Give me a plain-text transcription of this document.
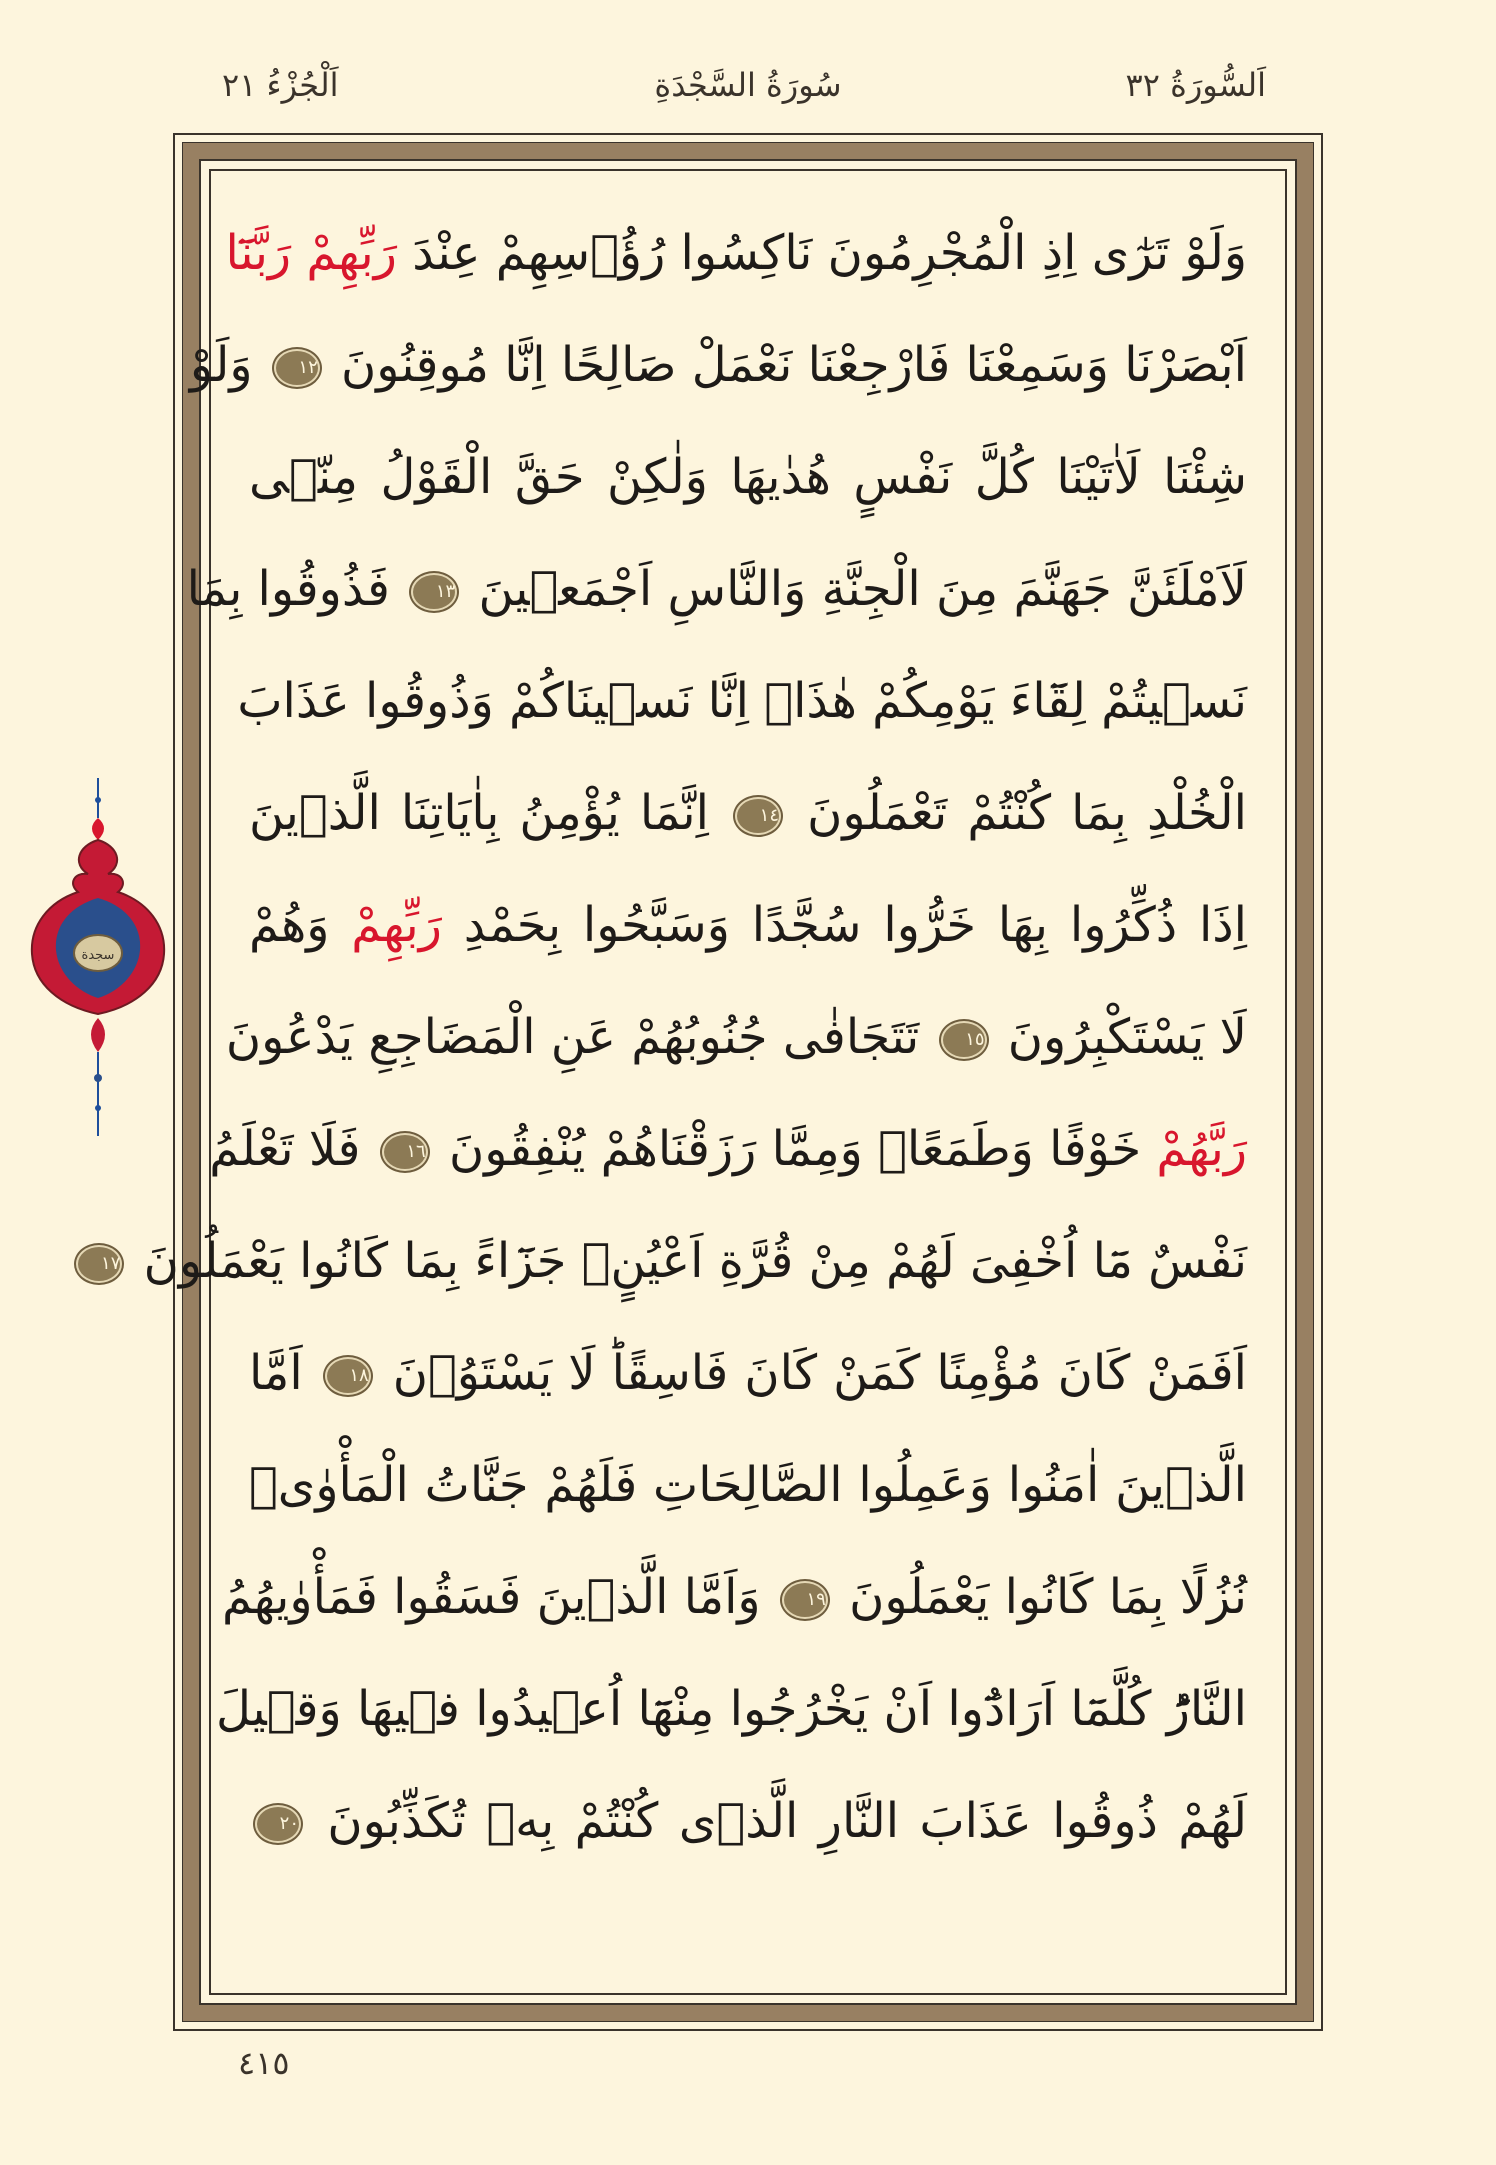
اَلْجُزْءُ ٢١	سُورَةُ السَّجْدَةِ	اَلسُّورَةُ ٣٢
سجدة
وَلَوْ تَرٰٓى اِذِ الْمُجْرِمُونَ نَاكِسُوا رُؤُ۫سِهِمْ عِنْدَ رَبِّهِمْ رَبَّنَٓا
اَبْصَرْنَا وَسَمِعْنَا فَارْجِعْنَا نَعْمَلْ صَالِحًا اِنَّا مُوقِنُونَ ١٢ وَلَوْ
شِئْنَا لَاٰتَيْنَا كُلَّ نَفْسٍ هُدٰيهَا وَلٰكِنْ حَقَّ الْقَوْلُ مِنّ۪ى
لَاَمْلَئَنَّ جَهَنَّمَ مِنَ الْجِنَّةِ وَالنَّاسِ اَجْمَع۪ينَ ١٣ فَذُوقُوا بِمَا
نَس۪يتُمْ لِقَٓاءَ يَوْمِكُمْ هٰذَاۚ اِنَّا نَس۪ينَاكُمْ وَذُوقُوا عَذَابَ
الْخُلْدِ بِمَا كُنْتُمْ تَعْمَلُونَ ١٤ اِنَّمَا يُؤْمِنُ بِاٰيَاتِنَا الَّذ۪ينَ
اِذَا ذُكِّرُوا بِهَا خَرُّوا سُجَّدًا وَسَبَّحُوا بِحَمْدِ رَبِّهِمْ وَهُمْ
لَا يَسْتَكْبِرُونَ ١٥ تَتَجَافٰى جُنُوبُهُمْ عَنِ الْمَضَاجِعِ يَدْعُونَ
رَبَّهُمْ خَوْفًا وَطَمَعًاۘ وَمِمَّا رَزَقْنَاهُمْ يُنْفِقُونَ ١٦ فَلَا تَعْلَمُ
نَفْسٌ مَٓا اُخْفِىَ لَهُمْ مِنْ قُرَّةِ اَعْيُنٍۚ جَزَٓاءً بِمَا كَانُوا يَعْمَلُونَ ١٧
اَفَمَنْ كَانَ مُؤْمِنًا كَمَنْ كَانَ فَاسِقًاؕ لَا يَسْتَوُ۫نَ ١٨ اَمَّا
الَّذ۪ينَ اٰمَنُوا وَعَمِلُوا الصَّالِحَاتِ فَلَهُمْ جَنَّاتُ الْمَأْوٰىۘ
نُزُلًا بِمَا كَانُوا يَعْمَلُونَ ١٩ وَاَمَّا الَّذ۪ينَ فَسَقُوا فَمَأْوٰيهُمُ
النَّارُؕ كُلَّمَٓا اَرَادُٓوا اَنْ يَخْرُجُوا مِنْهَٓا اُع۪يدُوا ف۪يهَا وَق۪يلَ
لَهُمْ ذُوقُوا عَذَابَ النَّارِ الَّذ۪ى كُنْتُمْ بِه۪ تُكَذِّبُونَ ٢٠
٤١٥
